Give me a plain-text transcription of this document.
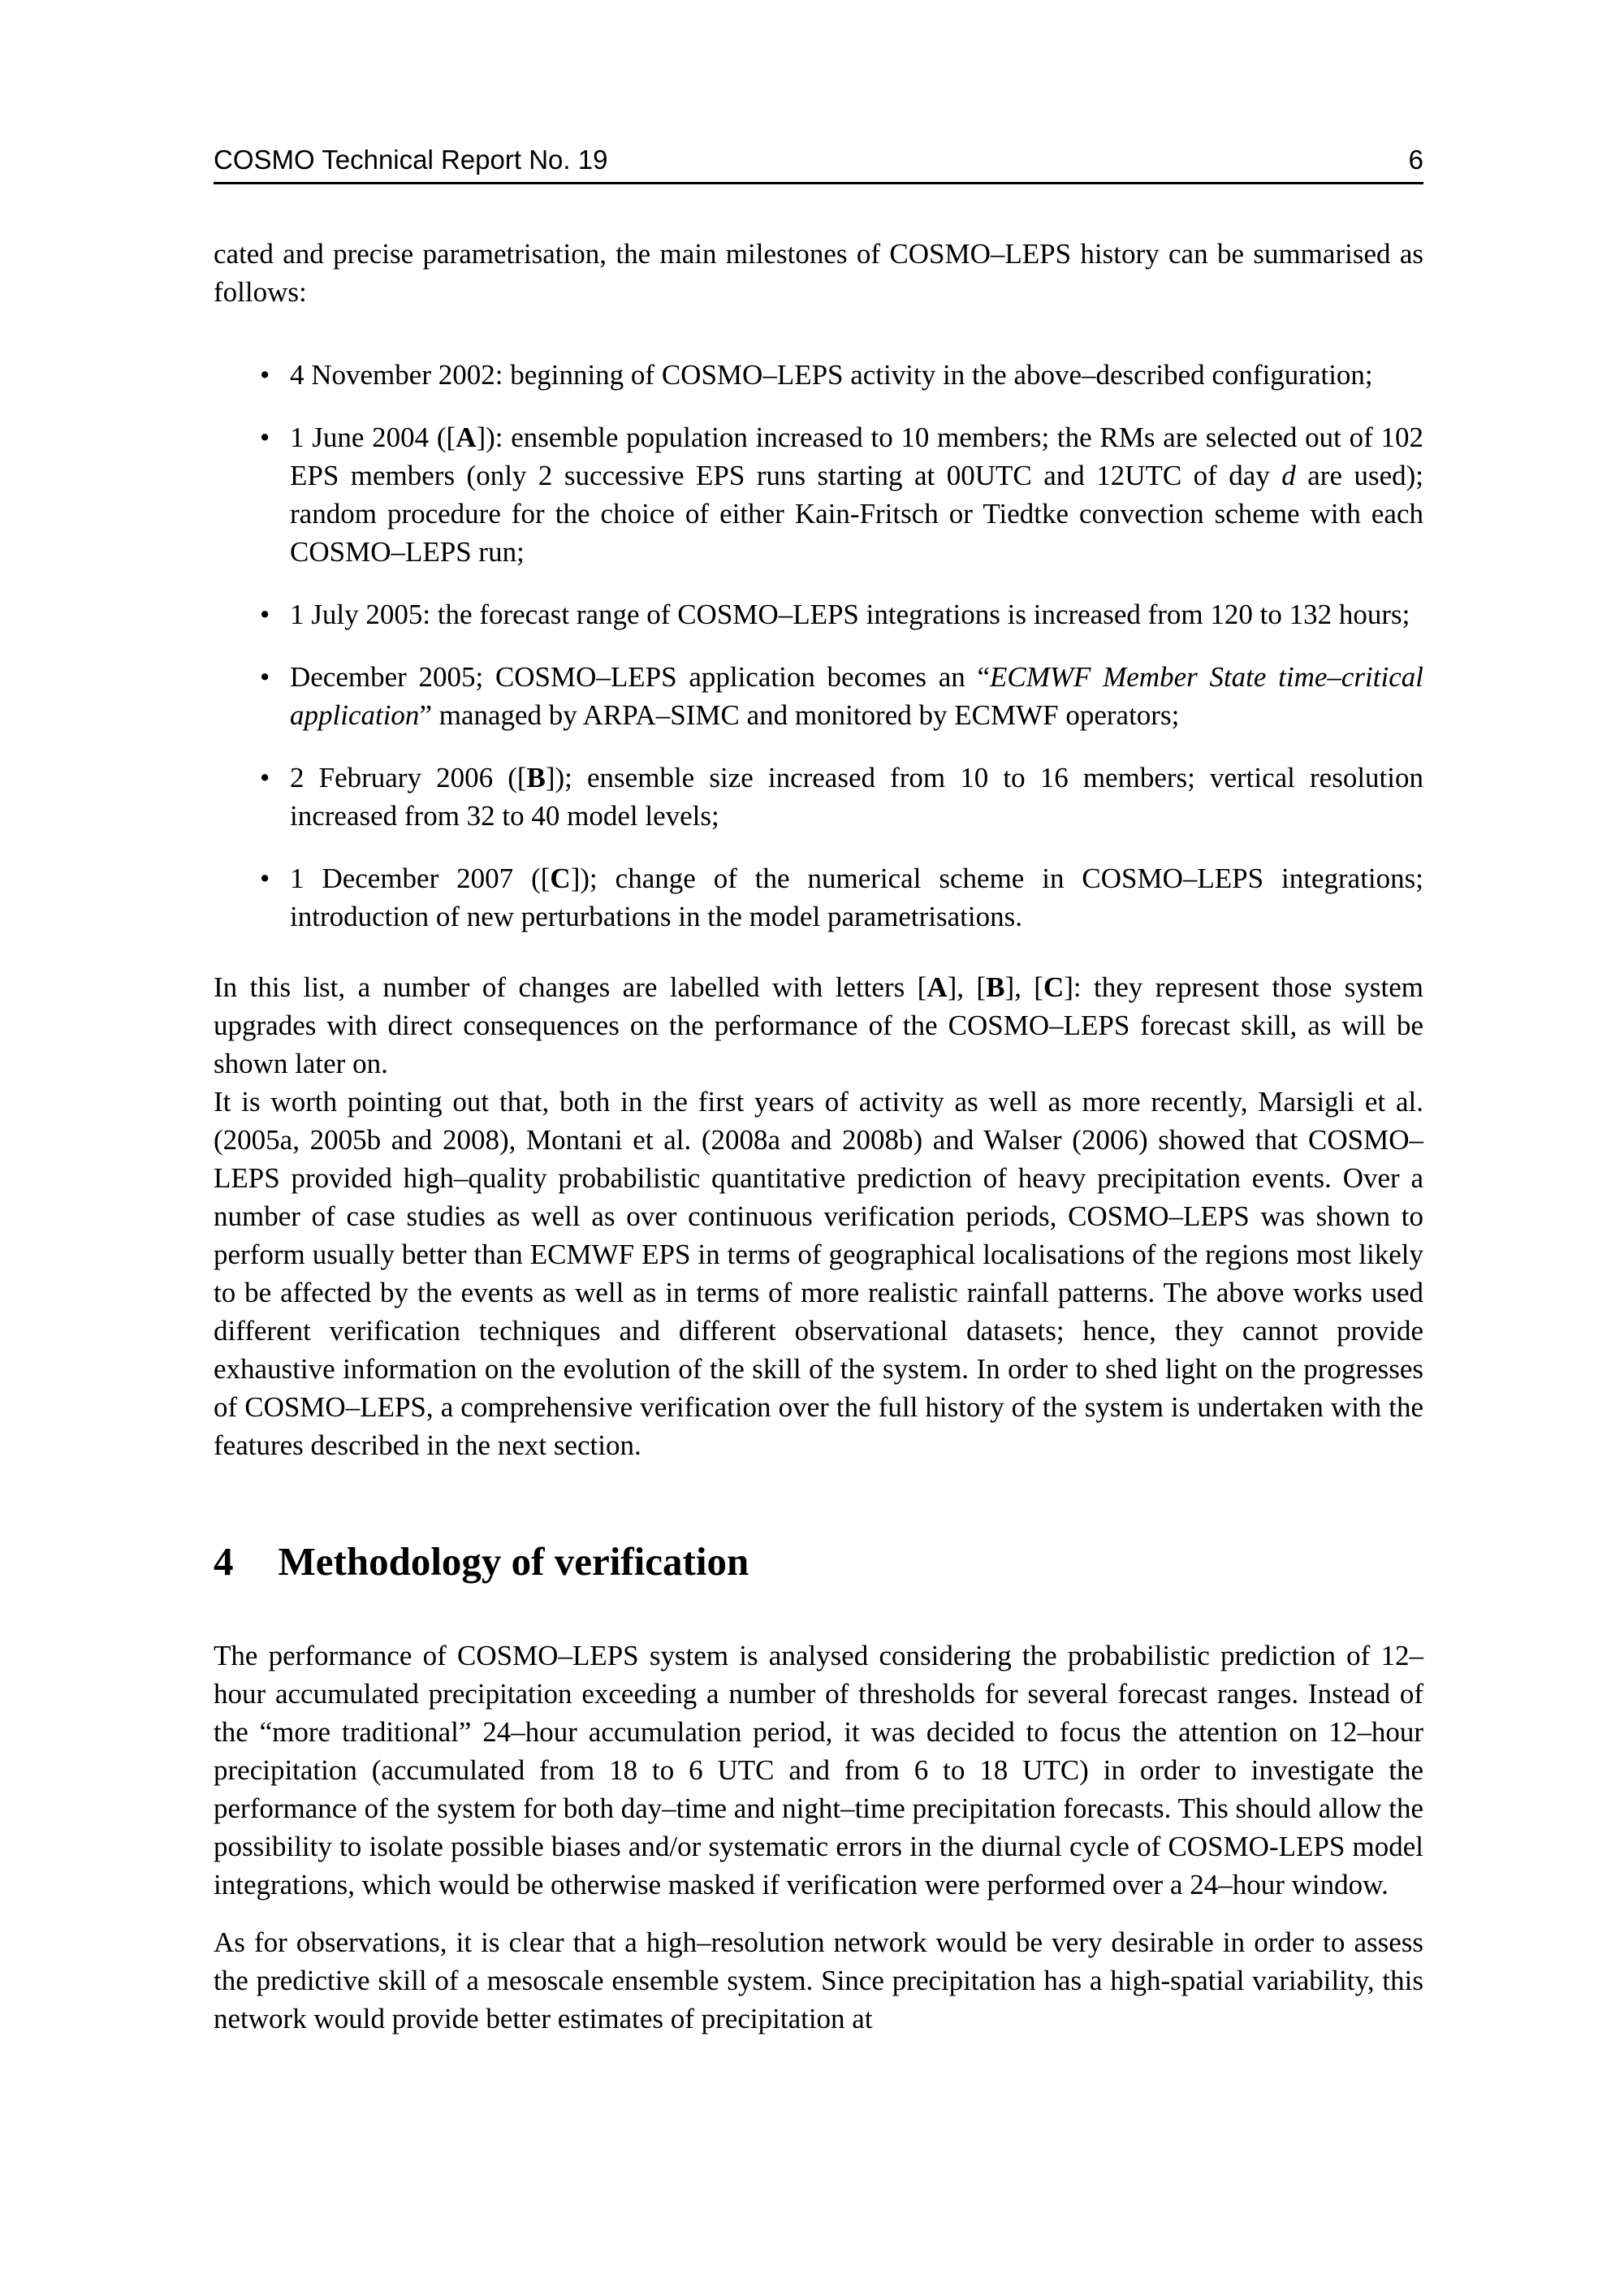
COSMO Technical Report No. 19	6

cated and precise parametrisation, the main milestones of COSMO–LEPS history can be summarised as follows:

• 4 November 2002: beginning of COSMO–LEPS activity in the above–described configuration;
• 1 June 2004 ([A]): ensemble population increased to 10 members; the RMs are selected out of 102 EPS members (only 2 successive EPS runs starting at 00UTC and 12UTC of day d are used); random procedure for the choice of either Kain-Fritsch or Tiedtke convection scheme with each COSMO–LEPS run;
• 1 July 2005: the forecast range of COSMO–LEPS integrations is increased from 120 to 132 hours;
• December 2005; COSMO–LEPS application becomes an “ECMWF Member State time–critical application” managed by ARPA–SIMC and monitored by ECMWF operators;
• 2 February 2006 ([B]); ensemble size increased from 10 to 16 members; vertical resolution increased from 32 to 40 model levels;
• 1 December 2007 ([C]); change of the numerical scheme in COSMO–LEPS integrations; introduction of new perturbations in the model parametrisations.

In this list, a number of changes are labelled with letters [A], [B], [C]: they represent those system upgrades with direct consequences on the performance of the COSMO–LEPS forecast skill, as will be shown later on.

It is worth pointing out that, both in the first years of activity as well as more recently, Marsigli et al. (2005a, 2005b and 2008), Montani et al. (2008a and 2008b) and Walser (2006) showed that COSMO–LEPS provided high–quality probabilistic quantitative prediction of heavy precipitation events. Over a number of case studies as well as over continuous verification periods, COSMO–LEPS was shown to perform usually better than ECMWF EPS in terms of geographical localisations of the regions most likely to be affected by the events as well as in terms of more realistic rainfall patterns. The above works used different verification techniques and different observational datasets; hence, they cannot provide exhaustive information on the evolution of the skill of the system. In order to shed light on the progresses of COSMO–LEPS, a comprehensive verification over the full history of the system is undertaken with the features described in the next section.

4 Methodology of verification

The performance of COSMO–LEPS system is analysed considering the probabilistic prediction of 12–hour accumulated precipitation exceeding a number of thresholds for several forecast ranges. Instead of the “more traditional” 24–hour accumulation period, it was decided to focus the attention on 12–hour precipitation (accumulated from 18 to 6 UTC and from 6 to 18 UTC) in order to investigate the performance of the system for both day–time and night–time precipitation forecasts. This should allow the possibility to isolate possible biases and/or systematic errors in the diurnal cycle of COSMO-LEPS model integrations, which would be otherwise masked if verification were performed over a 24–hour window.

As for observations, it is clear that a high–resolution network would be very desirable in order to assess the predictive skill of a mesoscale ensemble system. Since precipitation has a high-spatial variability, this network would provide better estimates of precipitation at
